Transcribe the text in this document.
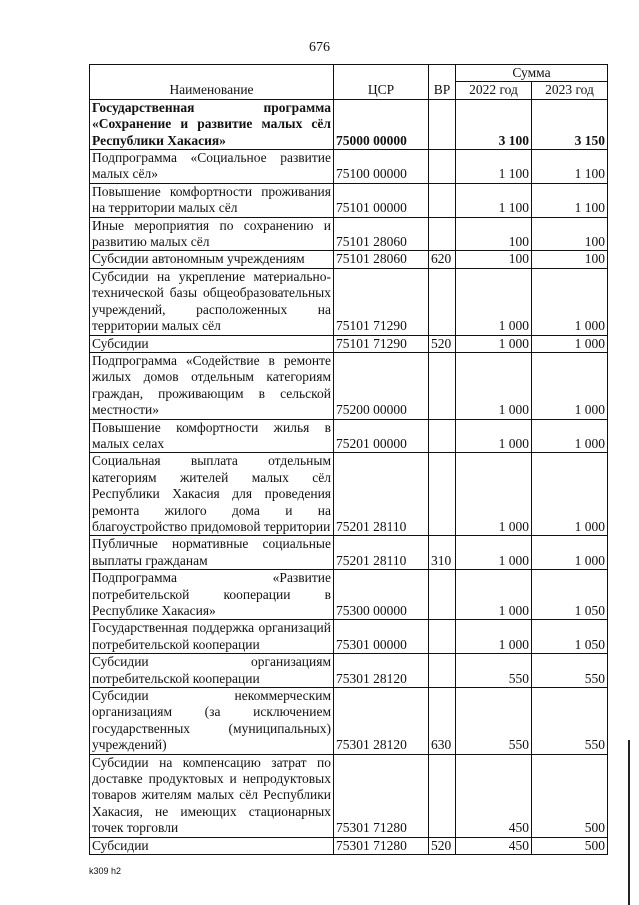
676
Наименование	ЦСР	ВР	Сумма	
			2022 год	2023 год
Государственная программа «Сохранение и развитие малых сёл Республики Хакасия»	75000 00000		3 100	3 150
Подпрограмма «Социальное развитие малых сёл»	75100 00000		1 100	1 100
Повышение комфортности проживания на территории малых сёл	75101 00000		1 100	1 100
Иные мероприятия по сохранению и развитию малых сёл	75101 28060		100	100
Субсидии автономным учреждениям	75101 28060	620	100	100
Субсидии на укрепление материально-технической базы общеобразовательных учреждений, расположенных на территории малых сёл	75101 71290		1 000	1 000
Субсидии	75101 71290	520	1 000	1 000
Подпрограмма «Содействие в ремонте жилых домов отдельным категориям граждан, проживающим в сельской местности»	75200 00000		1 000	1 000
Повышение комфортности жилья в малых селах	75201 00000		1 000	1 000
Социальная выплата отдельным категориям жителей малых сёл Республики Хакасия для проведения ремонта жилого дома и на благоустройство придомовой территории	75201 28110		1 000	1 000
Публичные нормативные социальные выплаты гражданам	75201 28110	310	1 000	1 000
Подпрограмма «Развитие потребительской кооперации в Республике Хакасия»	75300 00000		1 000	1 050
Государственная поддержка организаций потребительской кооперации	75301 00000		1 000	1 050
Субсидии организациям потребительской кооперации	75301 28120		550	550
Субсидии некоммерческим организациям (за исключением государственных (муниципальных) учреждений)	75301 28120	630	550	550
Субсидии на компенсацию затрат по доставке продуктовых и непродуктовых товаров жителям малых сёл Республики Хакасия, не имеющих стационарных точек торговли	75301 71280		450	500
Субсидии	75301 71280	520	450	500
k309 h2
